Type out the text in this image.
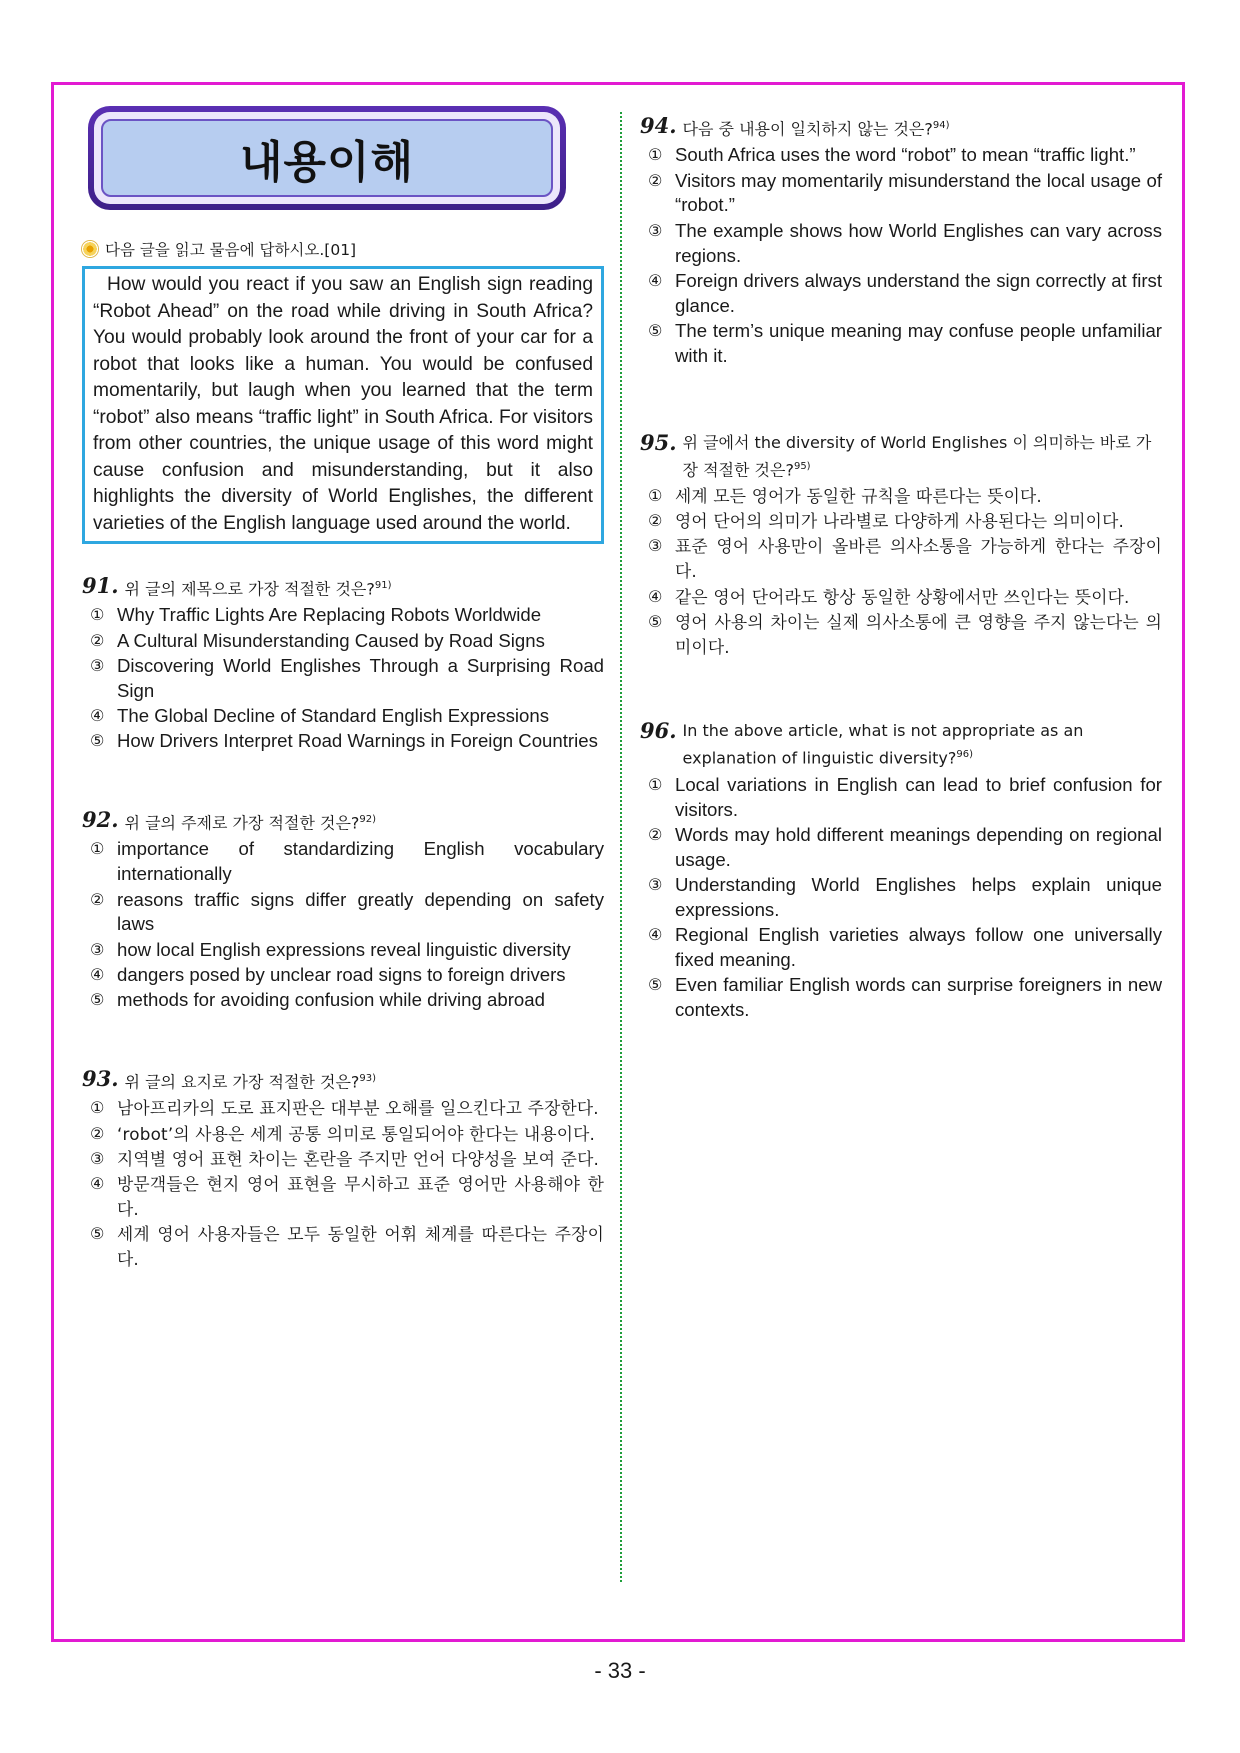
내용이해
다음 글을 읽고 물음에 답하시오.[01]
How would you react if you saw an English sign reading “Robot Ahead” on the road while driving in South Africa? You would probably look around the front of your car for a robot that looks like a human. You would be confused momentarily, but laugh when you learned that the term “robot” also means “traffic light” in South Africa. For visitors from other countries, the unique usage of this word might cause confusion and misunderstanding, but it also highlights the diversity of World Englishes, the different varieties of the English language used around the world.
91. 위 글의 제목으로 가장 적절한 것은?$^{91)}$
① Why Traffic Lights Are Replacing Robots Worldwide
② A Cultural Misunderstanding Caused by Road Signs
③ Discovering World Englishes Through a Surprising Road Sign
④ The Global Decline of Standard English Expressions
⑤ How Drivers Interpret Road Warnings in Foreign Countries
92. 위 글의 주제로 가장 적절한 것은?$^{92)}$
① importance of standardizing English vocabulary internationally
② reasons traffic signs differ greatly depending on safety laws
③ how local English expressions reveal linguistic diversity
④ dangers posed by unclear road signs to foreign drivers
⑤ methods for avoiding confusion while driving abroad
93. 위 글의 요지로 가장 적절한 것은?$^{93)}$
① 남아프리카의 도로 표지판은 대부분 오해를 일으킨다고 주장한다.
② ‘robot’의 사용은 세계 공통 의미로 통일되어야 한다는 내용이다.
③ 지역별 영어 표현 차이는 혼란을 주지만 언어 다양성을 보여 준다.
④ 방문객들은 현지 영어 표현을 무시하고 표준 영어만 사용해야 한다.
⑤ 세계 영어 사용자들은 모두 동일한 어휘 체계를 따른다는 주장이다.
94. 다음 중 내용이 일치하지 않는 것은?$^{94)}$
① South Africa uses the word “robot” to mean “traffic light.”
② Visitors may momentarily misunderstand the local usage of “robot.”
③ The example shows how World Englishes can vary across regions.
④ Foreign drivers always understand the sign correctly at first glance.
⑤ The term’s unique meaning may confuse people unfamiliar with it.
95. 위 글에서 the diversity of World Englishes 이 의미하는 바로 가장 적절한 것은?$^{95)}$
① 세계 모든 영어가 동일한 규칙을 따른다는 뜻이다.
② 영어 단어의 의미가 나라별로 다양하게 사용된다는 의미이다.
③ 표준 영어 사용만이 올바른 의사소통을 가능하게 한다는 주장이다.
④ 같은 영어 단어라도 항상 동일한 상황에서만 쓰인다는 뜻이다.
⑤ 영어 사용의 차이는 실제 의사소통에 큰 영향을 주지 않는다는 의미이다.
96. In the above article, what is not appropriate as an explanation of linguistic diversity?$^{96)}$
① Local variations in English can lead to brief confusion for visitors.
② Words may hold different meanings depending on regional usage.
③ Understanding World Englishes helps explain unique expressions.
④ Regional English varieties always follow one universally fixed meaning.
⑤ Even familiar English words can surprise foreigners in new contexts.
- 33 -
